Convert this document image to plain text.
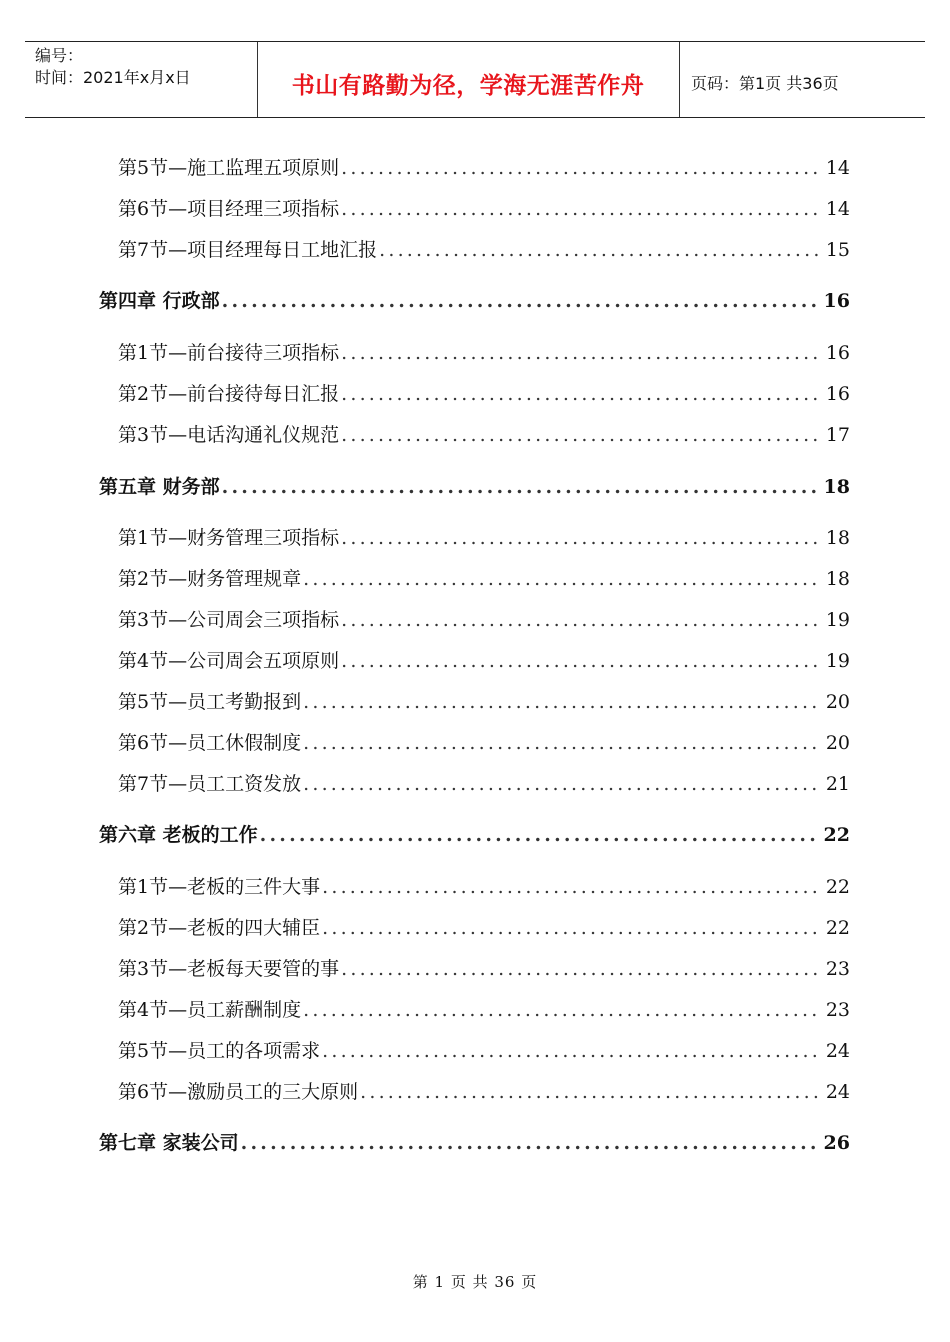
编号：
时间：2021年x月x日	书山有路勤为径，学海无涯苦作舟	页码：第1页 共36页
第5节—施工监理五项原则 .....	14
第6节—项目经理三项指标 .....	14
第7节—项目经理每日工地汇报 .....	15
第四章 行政部 .....	16
第1节—前台接待三项指标 .....	16
第2节—前台接待每日汇报 .....	16
第3节—电话沟通礼仪规范 .....	17
第五章 财务部 .....	18
第1节—财务管理三项指标 .....	18
第2节—财务管理规章 .....	18
第3节—公司周会三项指标 .....	19
第4节—公司周会五项原则 .....	19
第5节—员工考勤报到 .....	20
第6节—员工休假制度 .....	20
第7节—员工工资发放 .....	21
第六章 老板的工作 .....	22
第1节—老板的三件大事 .....	22
第2节—老板的四大辅臣 .....	22
第3节—老板每天要管的事 .....	23
第4节—员工薪酬制度 .....	23
第5节—员工的各项需求 .....	24
第6节—激励员工的三大原则 .....	24
第七章 家装公司 .....	26
第 1 页 共 36 页
